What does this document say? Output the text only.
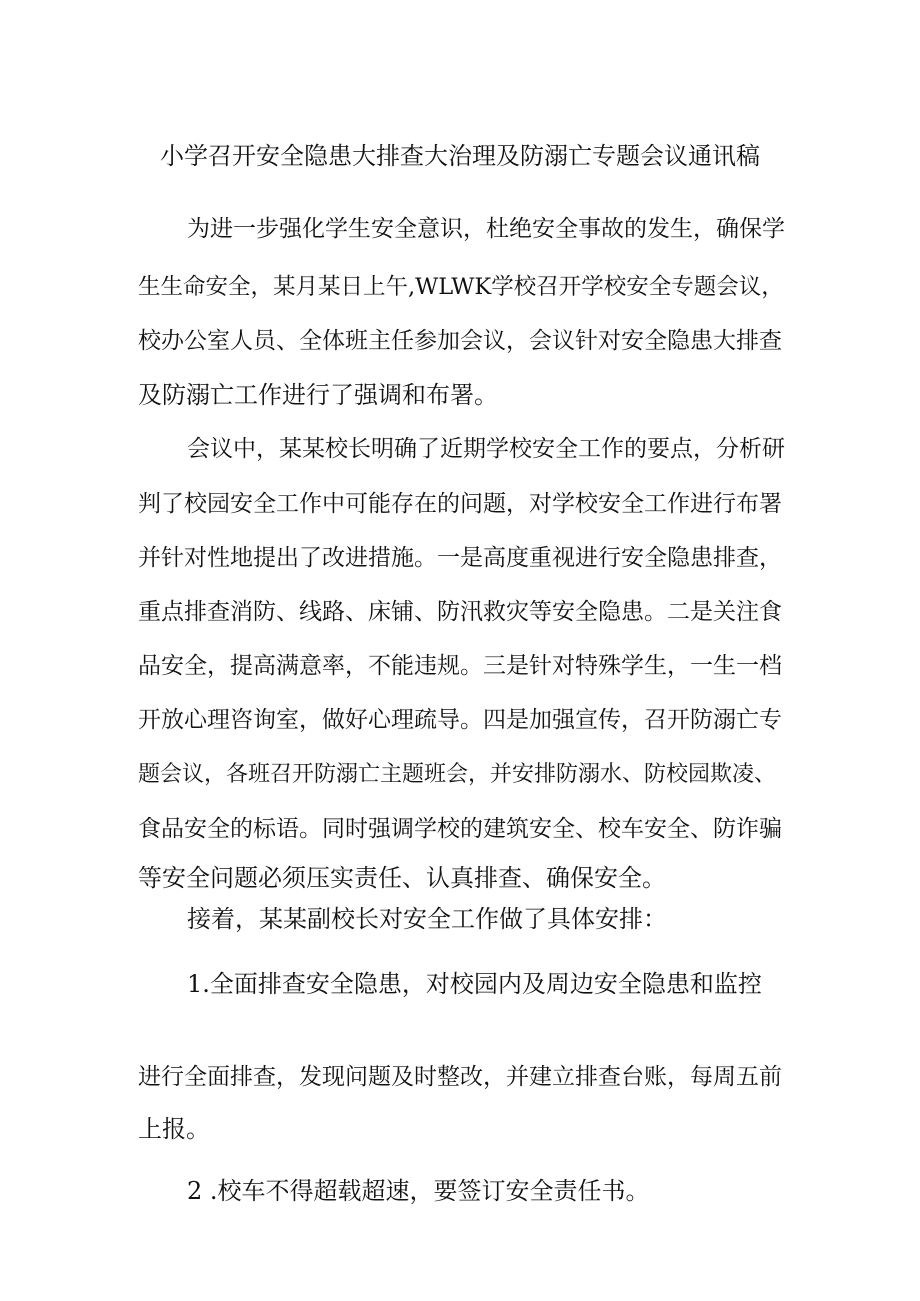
小学召开安全隐患大排查大治理及防溺亡专题会议通讯稿
为进一步强化学生安全意识，杜绝安全事故的发生，确保学
生生命安全，某月某日上午,WLWK学校召开学校安全专题会议，
校办公室人员、全体班主任参加会议，会议针对安全隐患大排查
及防溺亡工作进行了强调和布署。
会议中，某某校长明确了近期学校安全工作的要点，分析研
判了校园安全工作中可能存在的问题，对学校安全工作进行布署
并针对性地提出了改进措施。一是高度重视进行安全隐患排查，
重点排查消防、线路、床铺、防汛救灾等安全隐患。二是关注食
品安全，提高满意率，不能违规。三是针对特殊学生，一生一档
开放心理咨询室，做好心理疏导。四是加强宣传，召开防溺亡专
题会议，各班召开防溺亡主题班会，并安排防溺水、防校园欺凌、
食品安全的标语。同时强调学校的建筑安全、校车安全、防诈骗
等安全问题必须压实责任、认真排查、确保安全。
接着，某某副校长对安全工作做了具体安排：
1.全面排查安全隐患，对校园内及周边安全隐患和监控
进行全面排查，发现问题及时整改，并建立排查台账，每周五前
上报。
2 .校车不得超载超速，要签订安全责任书。
